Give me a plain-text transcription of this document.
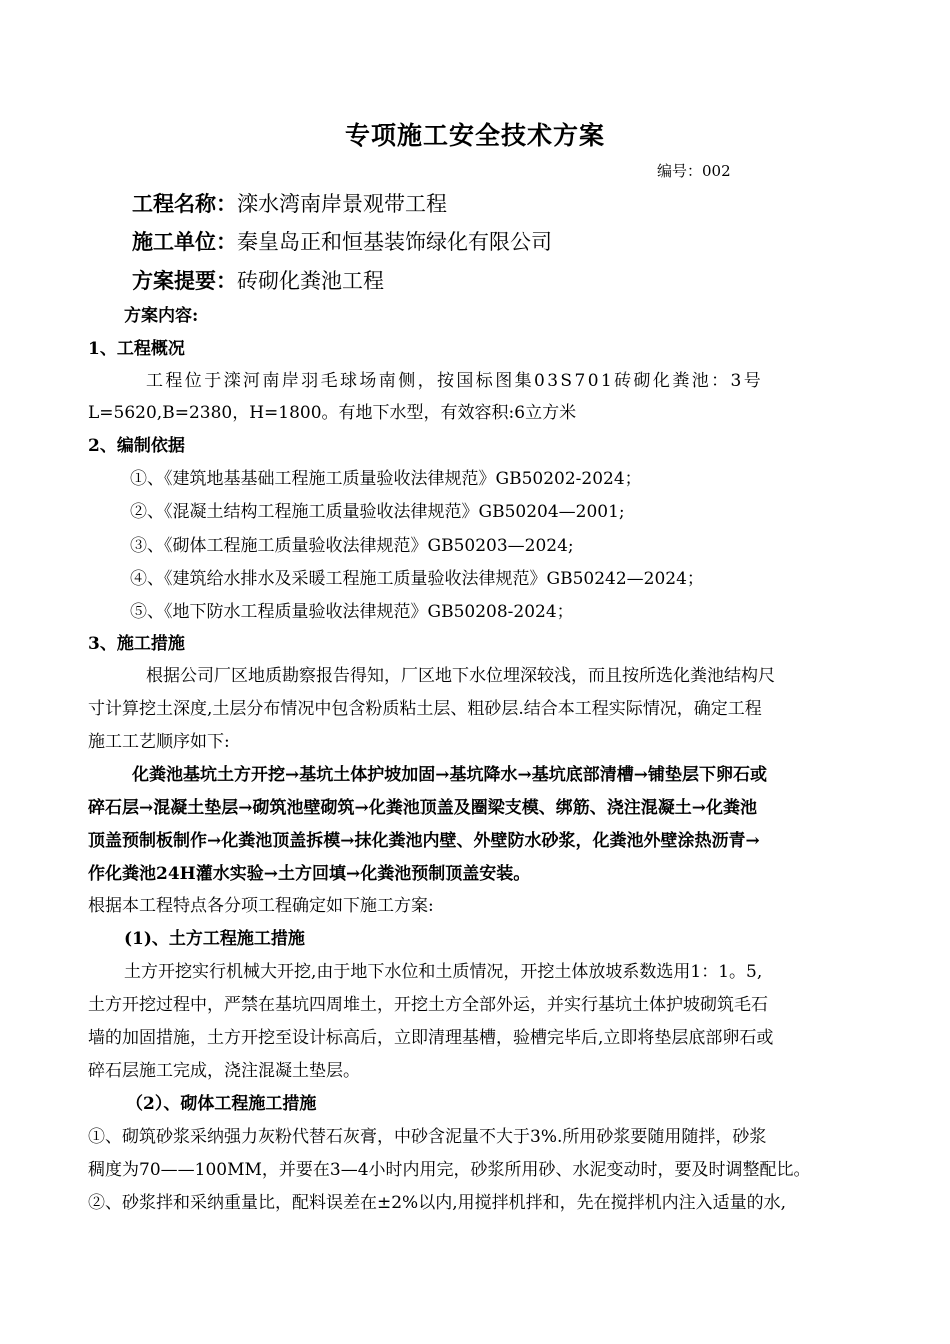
专项施工安全技术方案
编号：002
工程名称：滦水湾南岸景观带工程
施工单位：秦皇岛正和恒基装饰绿化有限公司
方案提要：砖砌化粪池工程
方案内容:
1、工程概况
工程位于滦河南岸羽毛球场南侧，按国标图集03S701砖砌化粪池：3号
L=5620,B=2380，H=1800。有地下水型，有效容积:6立方米
2、编制依据
①、《建筑地基基础工程施工质量验收法律规范》GB50202-2024；
②、《混凝土结构工程施工质量验收法律规范》GB50204—2001;
③、《砌体工程施工质量验收法律规范》GB50203—2024;
④、《建筑给水排水及采暖工程施工质量验收法律规范》GB50242—2024；
⑤、《地下防水工程质量验收法律规范》GB50208-2024；
3、施工措施
根据公司厂区地质勘察报告得知，厂区地下水位埋深较浅，而且按所选化粪池结构尺
寸计算挖土深度,土层分布情况中包含粉质粘土层、粗砂层.结合本工程实际情况，确定工程
施工工艺顺序如下:
化粪池基坑土方开挖→基坑土体护坡加固→基坑降水→基坑底部清槽→铺垫层下卵石或
碎石层→混凝土垫层→砌筑池壁砌筑→化粪池顶盖及圈梁支模、绑筋、浇注混凝土→化粪池
顶盖预制板制作→化粪池顶盖拆模→抹化粪池内壁、外壁防水砂浆，化粪池外壁涂热沥青→
作化粪池24H灌水实验→土方回填→化粪池预制顶盖安装。
根据本工程特点各分项工程确定如下施工方案:
(1)、土方工程施工措施
土方开挖实行机械大开挖,由于地下水位和土质情况，开挖土体放坡系数选用1：1。5,
土方开挖过程中，严禁在基坑四周堆土，开挖土方全部外运，并实行基坑土体护坡砌筑毛石
墙的加固措施，土方开挖至设计标高后，立即清理基槽，验槽完毕后,立即将垫层底部卵石或
碎石层施工完成，浇注混凝土垫层。
（2）、砌体工程施工措施
①、砌筑砂浆采纳强力灰粉代替石灰膏，中砂含泥量不大于3%.所用砂浆要随用随拌，砂浆
稠度为70——100MM，并要在3—4小时内用完，砂浆所用砂、水泥变动时，要及时调整配比。
②、砂浆拌和采纳重量比，配料误差在±2%以内,用搅拌机拌和，先在搅拌机内注入适量的水,
